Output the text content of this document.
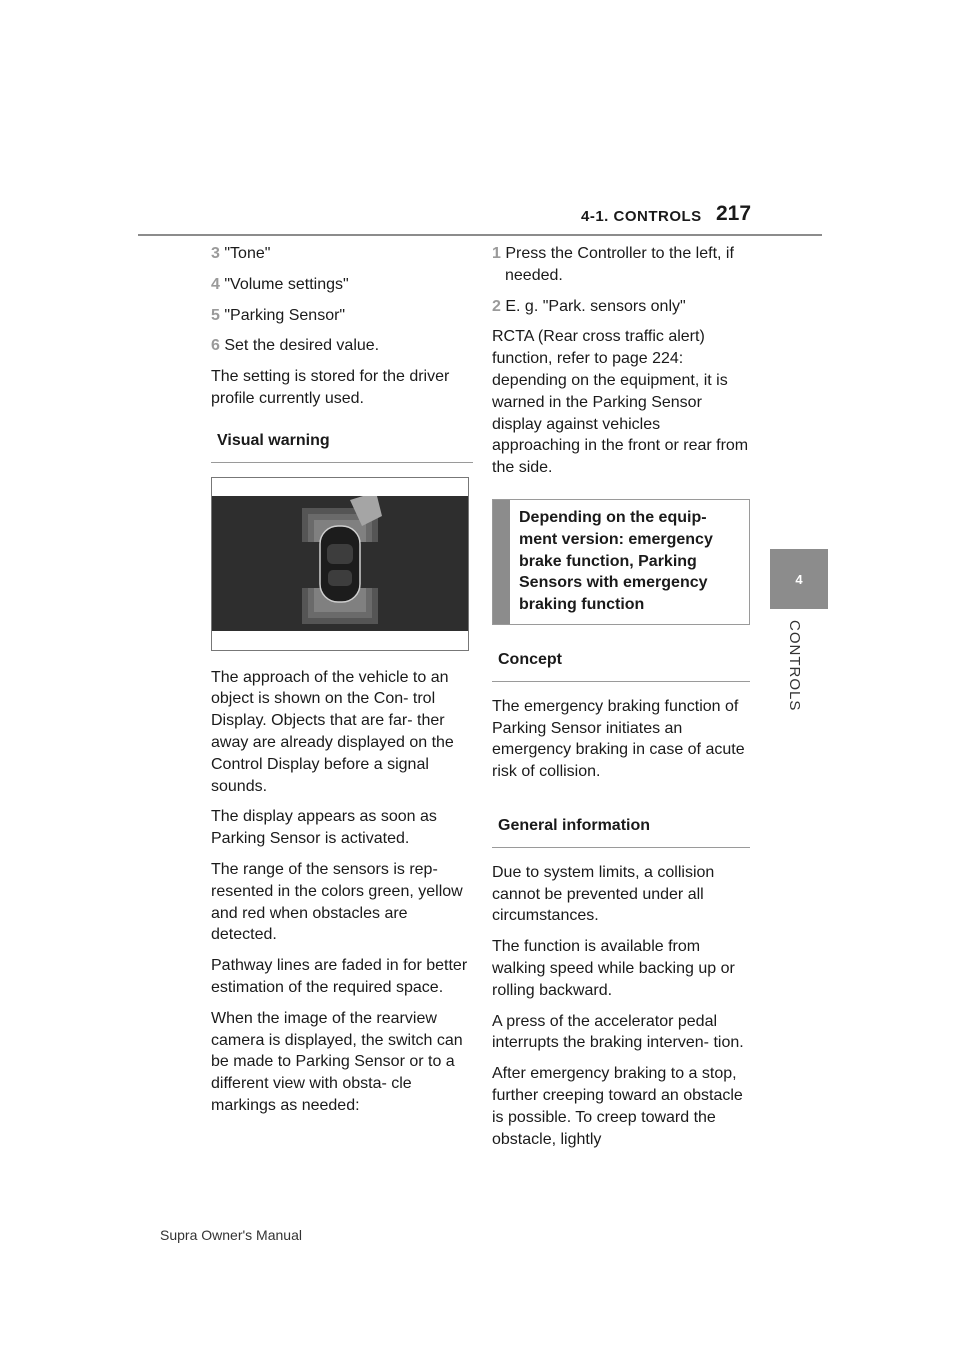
4-1. CONTROLS 217
4
CONTROLS
3 "Tone"
4 "Volume settings"
5 "Parking Sensor"
6 Set the desired value.

The setting is stored for the driver profile currently used.

Visual warning

The approach of the vehicle to an object is shown on the Con- trol Display. Objects that are far- ther away are already displayed on the Control Display before a signal sounds.

The display appears as soon as Parking Sensor is activated.

The range of the sensors is rep- resented in the colors green, yellow and red when obstacles are detected.

Pathway lines are faded in for better estimation of the required space.

When the image of the rearview camera is displayed, the switch can be made to Parking Sensor or to a different view with obsta- cle markings as needed:

1 Press the Controller to the left, if needed.
2 E. g. "Park. sensors only"

RCTA (Rear cross traffic alert) function, refer to page 224: depending on the equipment, it is warned in the Parking Sensor display against vehicles approaching in the front or rear from the side.

Depending on the equip- ment version: emergency brake function, Parking Sensors with emergency braking function
Concept

The emergency braking function of Parking Sensor initiates an emergency braking in case of acute risk of collision.

General information

Due to system limits, a collision cannot be prevented under all circumstances.

The function is available from walking speed while backing up or rolling backward.

A press of the accelerator pedal interrupts the braking interven- tion.

After emergency braking to a stop, further creeping toward an obstacle is possible. To creep toward the obstacle, lightly

Supra Owner's Manual
